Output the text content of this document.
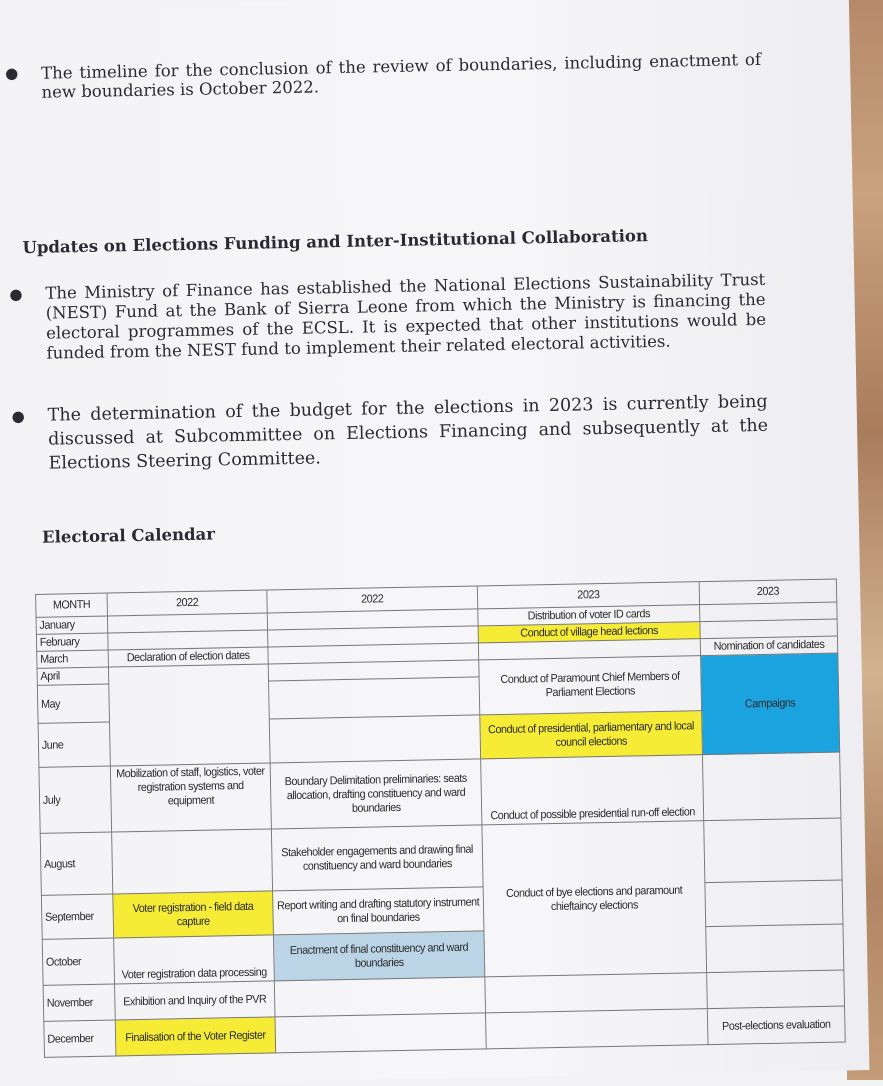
● The timeline for the conclusion of the review of boundaries, including enactment of new boundaries is October 2022.
Updates on Elections Funding and Inter-Institutional Collaboration
● The Ministry of Finance has established the National Elections Sustainability Trust (NEST) Fund at the Bank of Sierra Leone from which the Ministry is financing the electoral programmes of the ECSL. It is expected that other institutions would be funded from the NEST fund to implement their related electoral activities.
● The determination of the budget for the elections in 2023 is currently being discussed at Subcommittee on Elections Financing and subsequently at the Elections Steering Committee.
Electoral Calendar
MONTH	2022	2022	2023	2023
January			Distribution of voter ID cards	
February			Conduct of village head lections	
March	Declaration of election dates			Nomination of candidates
April			Conduct of Paramount Chief Members of Parliament Elections	Campaigns
May				
June			Conduct of presidential, parliamentary and local council elections	
July	Mobilization of staff, logistics, voter registration systems and equipment	Boundary Delimitation preliminaries: seats allocation, drafting constituency and ward boundaries	Conduct of possible presidential run-off election	
August		Stakeholder engagements and drawing final constituency and ward boundaries	Conduct of bye elections and paramount chieftaincy elections	
September	Voter registration - field data capture	Report writing and drafting statutory instrument on final boundaries		
October	Voter registration data processing	Enactment of final constituency and ward boundaries		
November	Exhibition and Inquiry of the PVR			
December	Finalisation of the Voter Register			Post-elections evaluation
